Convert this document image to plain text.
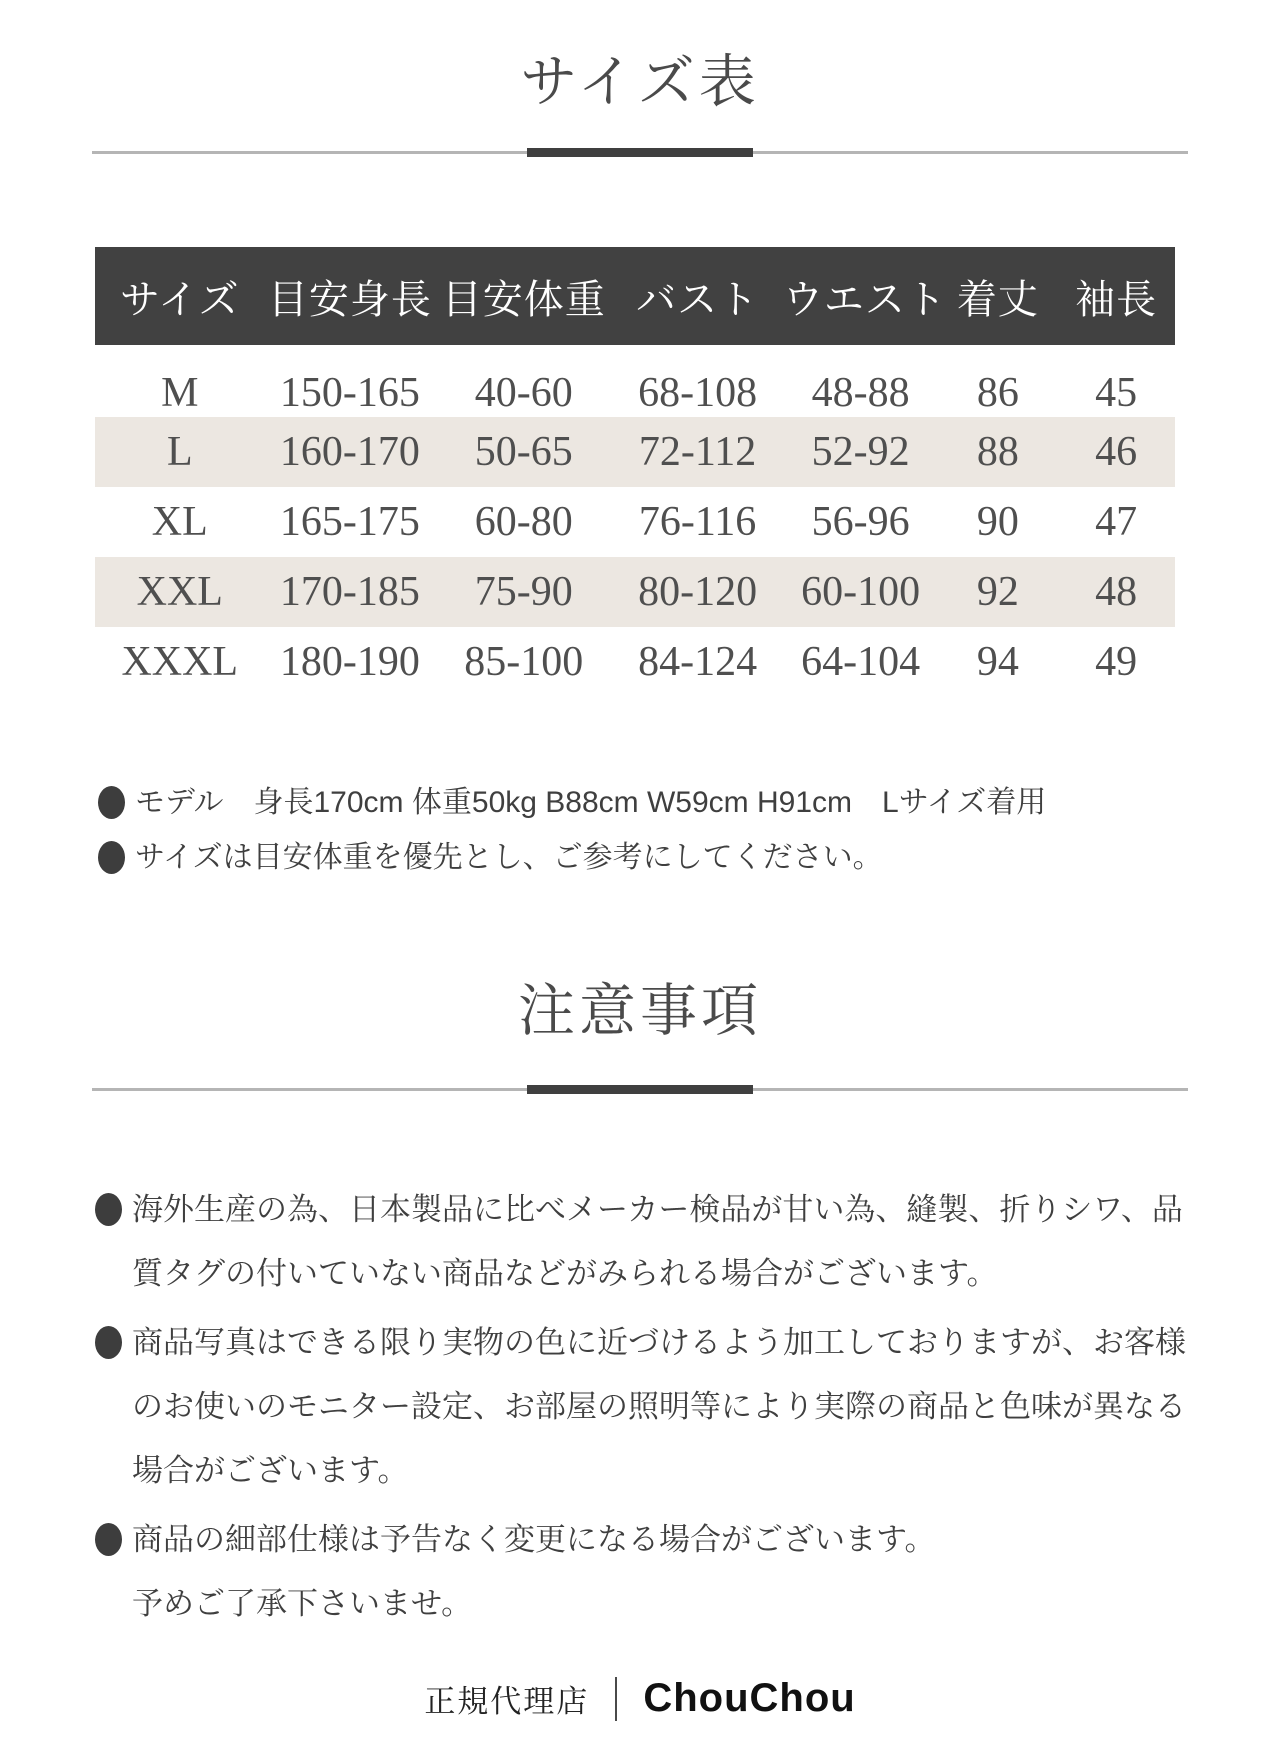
サイズ表
サイズ	目安身長	目安体重	バスト	ウエスト	着丈	袖長
M	150-165	40-60	68-108	48-88	86	45
L	160-170	50-65	72-112	52-92	88	46
XL	165-175	60-80	76-116	56-96	90	47
XXL	170-185	75-90	80-120	60-100	92	48
XXXL	180-190	85-100	84-124	64-104	94	49
モデル　身長170cm 体重50kg B88cm W59cm H91cm　Lサイズ着用
サイズは目安体重を優先とし、ご参考にしてください。
注意事項
海外生産の為、日本製品に比べメーカー検品が甘い為、縫製、折りシワ、品
質タグの付いていない商品などがみられる場合がございます。
商品写真はできる限り実物の色に近づけるよう加工しておりますが、お客様
のお使いのモニター設定、お部屋の照明等により実際の商品と色味が異なる
場合がございます。
商品の細部仕様は予告なく変更になる場合がございます。
予めご了承下さいませ。
正規代理店 ChouChou
